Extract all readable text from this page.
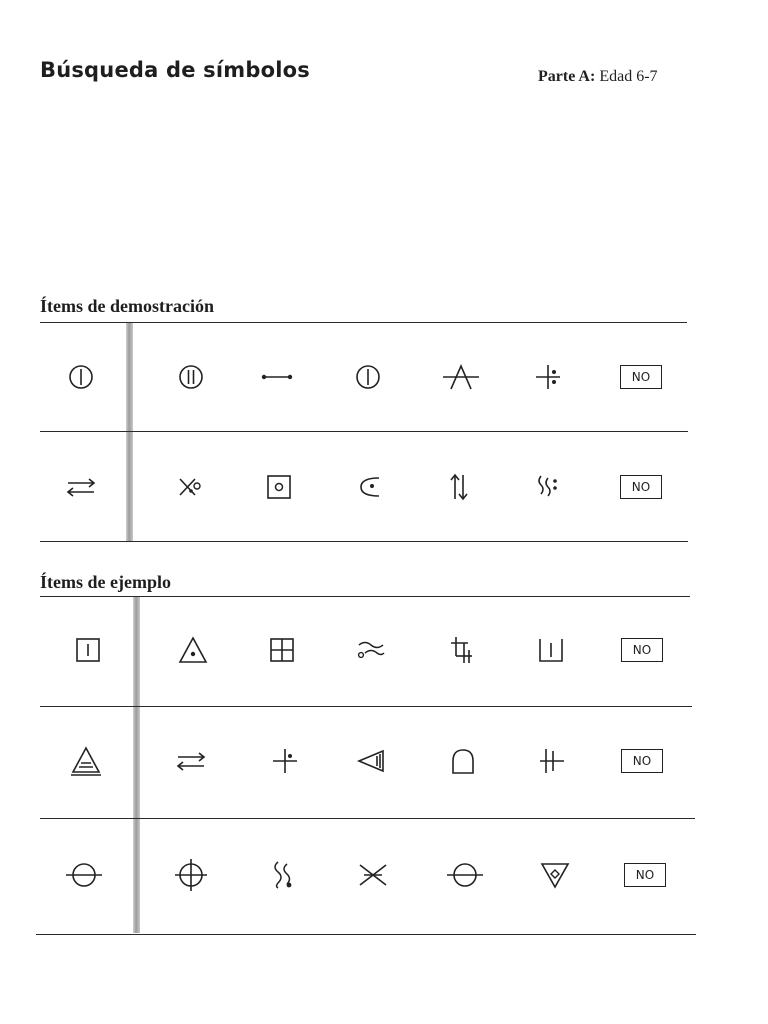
Búsqueda de símbolos	Parte A: Edad 6-7
Ítems de demostración
NO
NO
Ítems de ejemplo
NO
NO
NO
